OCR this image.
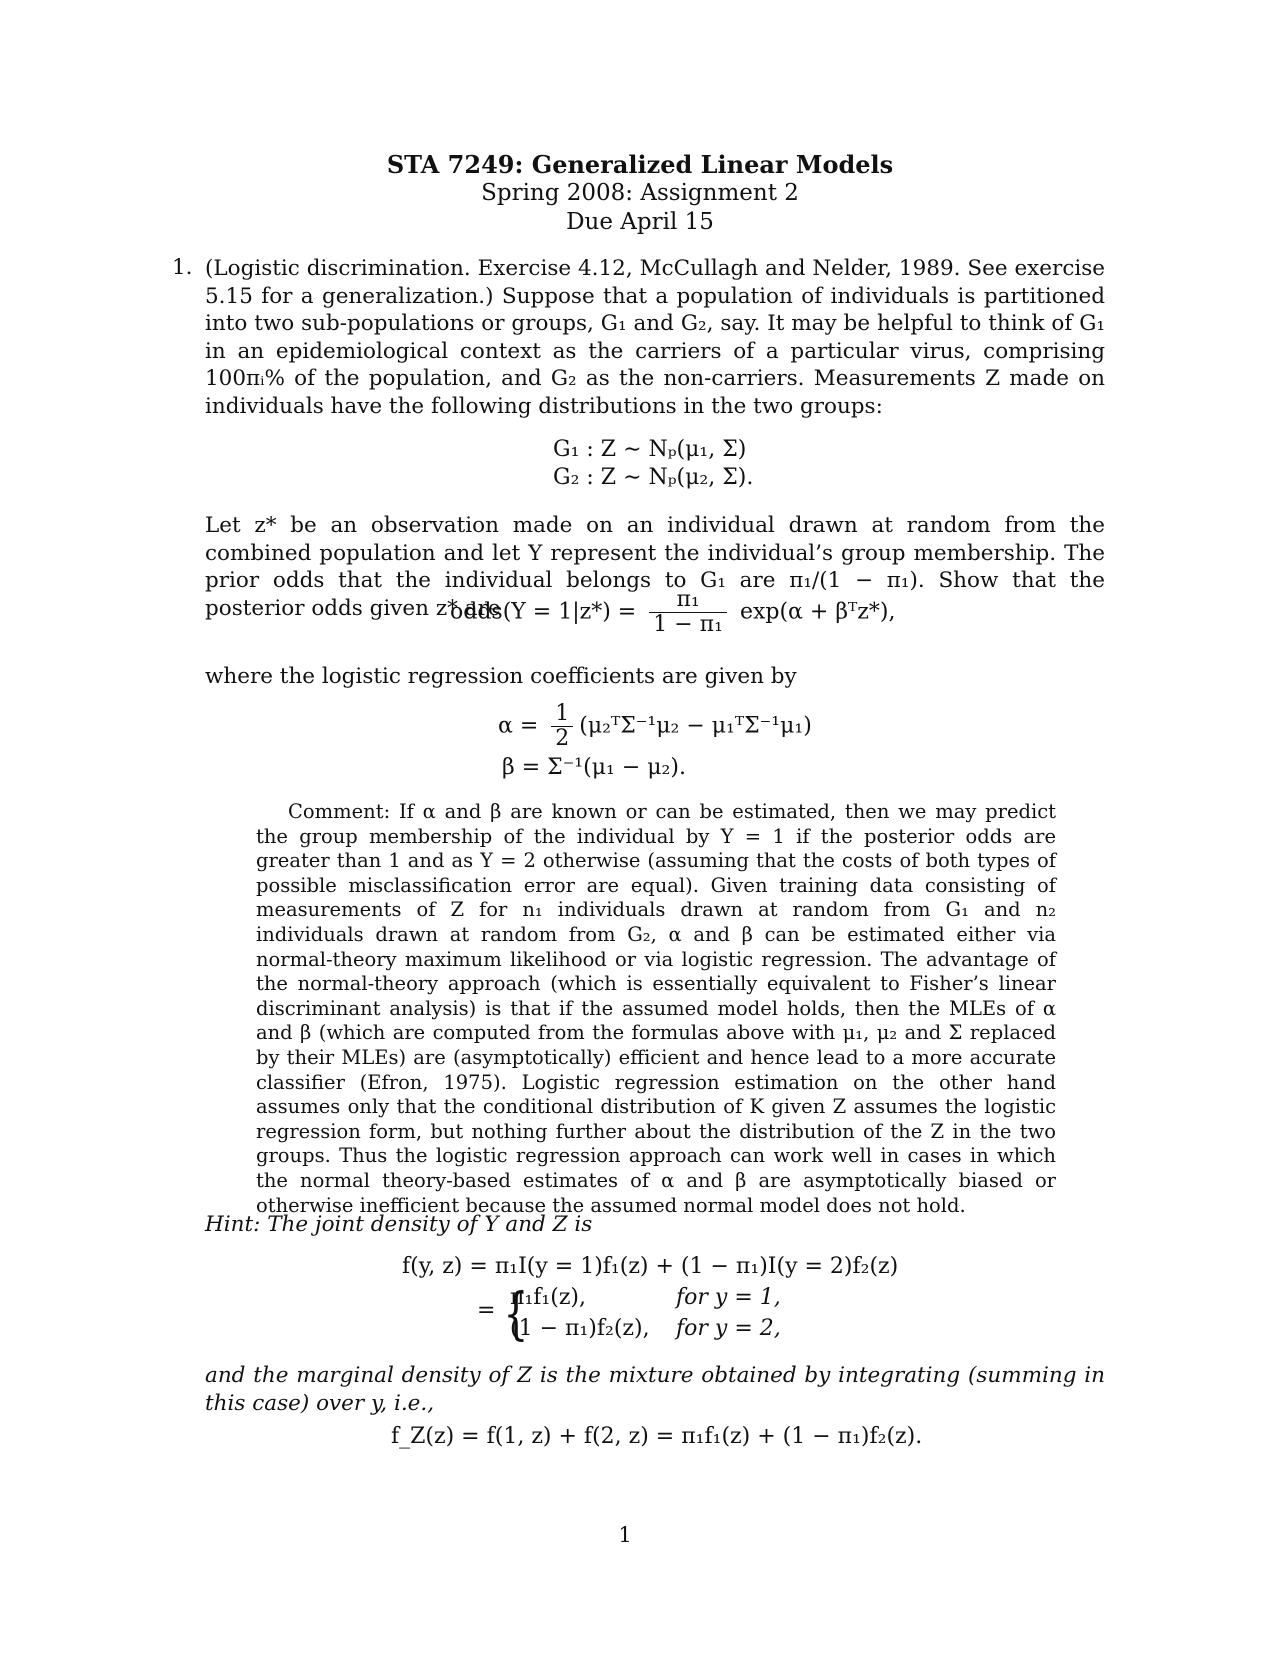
STA 7249: Generalized Linear Models
Spring 2008: Assignment 2
Due April 15
1. (Logistic discrimination. Exercise 4.12, McCullagh and Nelder, 1989. See exercise 5.15 for a generalization.) Suppose that a population of individuals is partitioned into two sub-populations or groups, G₁ and G₂, say. It may be helpful to think of G₁ in an epidemiological context as the carriers of a particular virus, comprising 100πᵢ% of the population, and G₂ as the non-carriers. Measurements Z made on individuals have the following distributions in the two groups:
G₁ : Z ∼ Nₚ(μ₁, Σ)
G₂ : Z ∼ Nₚ(μ₂, Σ).
Let z* be an observation made on an individual drawn at random from the combined population and let Y represent the individual’s group membership. The prior odds that the individual belongs to G₁ are π₁/(1 − π₁). Show that the posterior odds given z* are
odds(Y = $1|z*) = \frac{\text{π₁}}{\text{1 − π₁}} \exp(\alpha$ + βᵀz*),
where the logistic regression coefficients are given by
$\alpha = \frac{1}{2}$ (μ₂ᵀΣ⁻¹μ₂ − μ₁ᵀΣ⁻¹μ₁)
β = Σ⁻¹(μ₁ − μ₂).
Comment: If α and β are known or can be estimated, then we may predict the group membership of the individual by Y = 1 if the posterior odds are greater than 1 and as Y = 2 otherwise (assuming that the costs of both types of possible misclassification error are equal). Given training data consisting of measurements of Z for n₁ individuals drawn at random from G₁ and n₂ individuals drawn at random from G₂, α and β can be estimated either via normal-theory maximum likelihood or via logistic regression. The advantage of the normal-theory approach (which is essentially equivalent to Fisher’s linear discriminant analysis) is that if the assumed model holds, then the MLEs of α and β (which are computed from the formulas above with μ₁, μ₂ and Σ replaced by their MLEs) are (asymptotically) efficient and hence lead to a more accurate classifier (Efron, 1975). Logistic regression estimation on the other hand assumes only that the conditional distribution of K given Z assumes the logistic regression form, but nothing further about the distribution of the Z in the two groups. Thus the logistic regression approach can work well in cases in which the normal theory-based estimates of α and β are asymptotically biased or otherwise inefficient because the assumed normal model does not hold.
Hint: The joint density of Y and Z is
f(y, z) = π₁I(y = 1)f₁(z) + (1 − π₁)I(y = 2)f₂(z)
= {
π₁f₁(z),	for y = 1,
(1 − π₁)f₂(z), for y = 2,
and the marginal density of Z is the mixture obtained by integrating (summing in this case) over y, i.e.,
f_Z(z) = f(1, z) + f(2, z) = π₁f₁(z) + (1 − π₁)f₂(z).
1
